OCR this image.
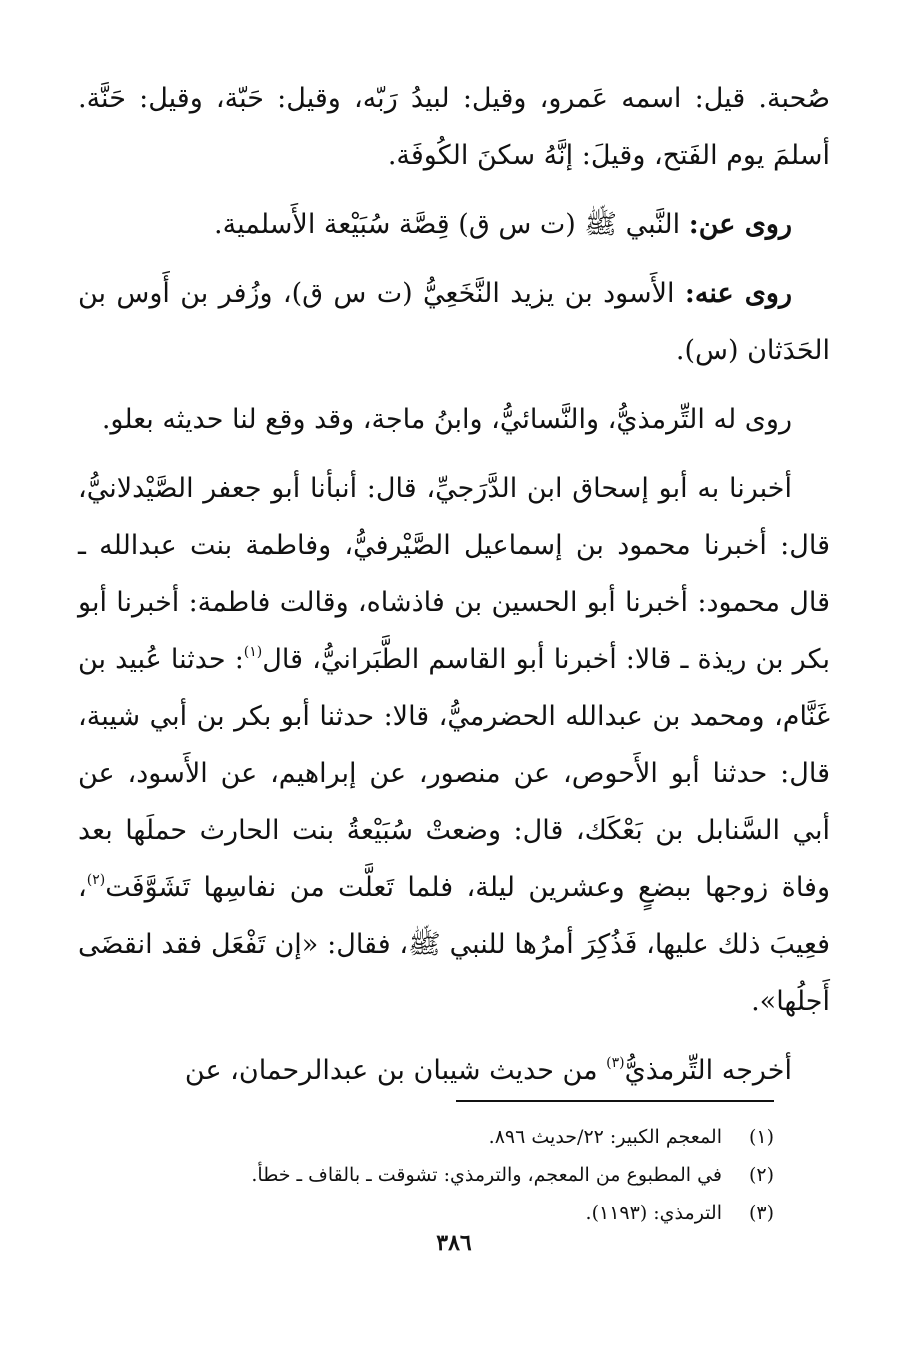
صُحبة. قيل: اسمه عَمرو، وقيل: لبيدُ رَبّه، وقيل: حَبّة، وقيل: حَنَّة. أسلمَ يوم الفَتح، وقيلَ: إنَّهُ سكنَ الكُوفَة.

روى عن: النَّبي ﷺ (ت س ق) قِصَّة سُبَيْعة الأَسلمية.

روى عنه: الأَسود بن يزيد النَّخَعِيُّ (ت س ق)، وزُفر بن أَوس بن الحَدَثان (س).

روى له التِّرمذيُّ، والنَّسائيُّ، وابنُ ماجة، وقد وقع لنا حديثه بعلو.

أخبرنا به أبو إسحاق ابن الدَّرَجيِّ، قال: أنبأنا أبو جعفر الصَّيْدلانيُّ، قال: أخبرنا محمود بن إسماعيل الصَّيْرفيُّ، وفاطمة بنت عبدالله ـ قال محمود: أخبرنا أبو الحسين بن فاذشاه، وقالت فاطمة: أخبرنا أبو بكر بن ريذة ـ قالا: أخبرنا أبو القاسم الطَّبَرانيُّ، قال$^{(١)}$: حدثنا عُبيد بن غَنَّام، ومحمد بن عبدالله الحضرميُّ، قالا: حدثنا أبو بكر بن أبي شيبة، قال: حدثنا أبو الأَحوص، عن منصور، عن إبراهيم، عن الأَسود، عن أبي السَّنابل بن بَعْكَك، قال: وضعتْ سُبَيْعةُ بنت الحارث حملَها بعد وفاة زوجها ببضعٍ وعشرين ليلة، فلما تَعلَّت من نفاسِها تَشَوَّفَت$^{(٢)}$، فعِيبَ ذلك عليها، فَذُكِرَ أمرُها للنبي ﷺ، فقال: «إن تَفْعَل فقد انقضَى أَجلُها».

أخرجه التِّرمذيُّ$^{(٣)}$ من حديث شيبان بن عبدالرحمان، عن

(١)المعجم الكبير: ٢٢/حديث ٨٩٦.

(٢)في المطبوع من المعجم، والترمذي: تشوقت ـ بالقاف ـ خطأ.

(٣)الترمذي: (١١٩٣).

٣٨٦
